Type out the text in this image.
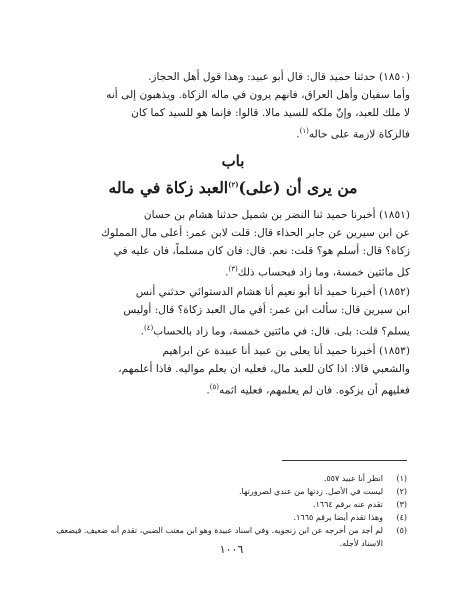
(١٨٥٠) حدثنا حميد قال: قال أبو عبيد: وهذا قول أهل الحجاز.

وأما سفيان وأهل العراق، فانهم يرون في ماله الزكاة. ويذهبون إلى أنه

لا ملك للعبد، وإنّ ملكه للسيد مالا. قالوا: فإنما هو للسيد كما كان

فالزكاة لازمة على حاله$^{(١)}$.

باب
من يرى أن (على)$^{(٢)}$العبد زكاة في ماله

(١٨٥١) أخبرنا حميد ثنا النضر بن شميل حدثنا هشام بن حسان

عن ابن سيرين عن جابر الحذاء قال: قلت لابن عمر: أعلى مال المملوك

زكاة؟ قال: أسلم هو؟ قلت: نعم. قال: فان كان مسلماً، فان عليه في

كل مائتين خمسة، وما زاد فبحساب ذلك$^{(٣)}$.

(١٨٥٢) أخبرنا حميد أنا أبو نعيم أنا هشام الدستوائي حدثني أنس

ابن سيرين قال: سألت ابن عمر: أفي مال العبد زكاة؟ قال: أوليس

يسلم؟ قلت: بلى. قال: في مائتين خمسة، وما زاد بالحساب$^{(٤)}$.

(١٨٥٣) أخبرنا حميد أنا يعلى بن عبيد أنا عبيدة عن ابراهيم

والشعبي قالا: اذا كان للعبد مال، فعليه ان يعلم مواليه. فاذا أعلمهم،

فعليهم أن يزكوه. فان لم يعلمهم، فعليه اثمه$^{(٥)}$.

(١)
انظر أنا عبيد ٥٥٧.
(٢)
ليست في الأصل. زدتها من عندي لضرورتها.
(٣)
تقدم عنه برقم ١٦٦٤.
(٤)
وهذا تقدم أيضا برقم ١٦٦٥.
(٥)
لم أجد من أخرجه عن ابن زنجويه. وفي اسناد عبيدة وهو ابن معتب الضبي، تقدم أنه ضعيف. فيضعف الاسناد لأجله.
١٠٠٦
